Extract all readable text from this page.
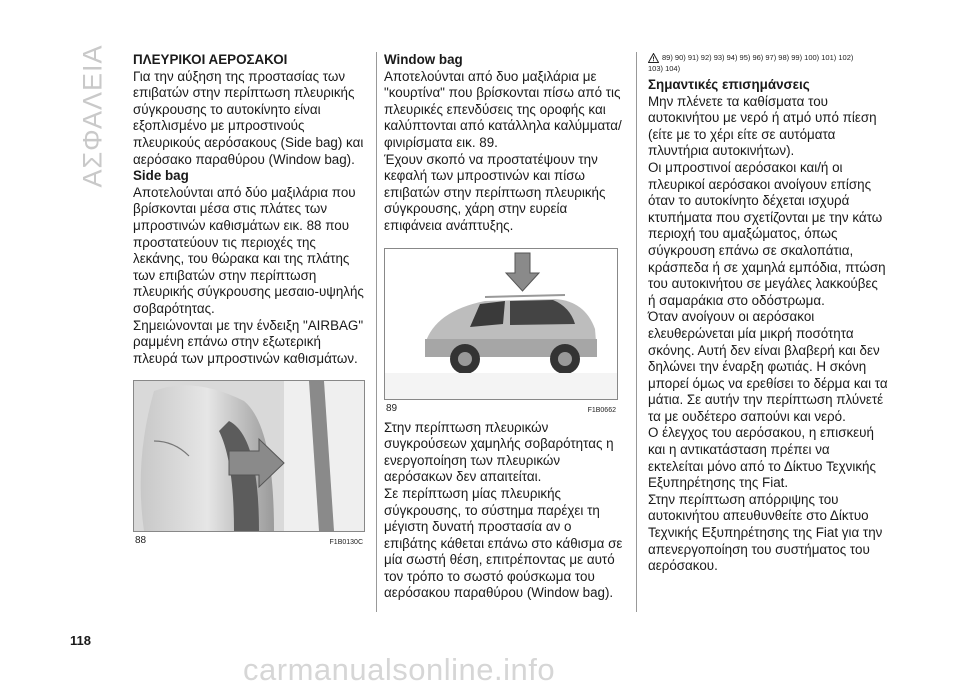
ΑΣΦΑΛΕΙΑ ΠΛΕΥΡΙΚΟΙ ΑΕΡΟΣΑΚΟΙ

Για την αύξηση της προστασίας των επιβατών στην περίπτωση πλευρικής σύγκρουσης το αυτοκίνητο είναι εξοπλισμένο με μπροστινούς πλευρικούς αερόσακους (Side bag) και αερόσακο παραθύρου (Window bag).

Side bag

Αποτελούνται από δύο μαξιλάρια που βρίσκονται μέσα στις πλάτες των μπροστινών καθισμάτων εικ. 88 που προστατεύουν τις περιοχές της λεκάνης, του θώρακα και της πλάτης των επιβατών στην περίπτωση πλευρικής σύγκρουσης μεσαιο-υψηλής σοβαρότητας.

Σημειώνονται με την ένδειξη "AIRBAG" ραμμένη επάνω στην εξωτερική πλευρά των μπροστινών καθισμάτων.

88	F1B0130C
Window bag

Αποτελούνται από δυο μαξιλάρια με "κουρτίνα" που βρίσκονται πίσω από τις πλευρικές επενδύσεις της οροφής και καλύπτονται από κατάλληλα καλύμματα/φινιρίσματα εικ. 89.

Έχουν σκοπό να προστατέψουν την κεφαλή των μπροστινών και πίσω επιβατών στην περίπτωση πλευρικής σύγκρουσης, χάρη στην ευρεία επιφάνεια ανάπτυξης.

89	F1B0662

Στην περίπτωση πλευρικών συγκρούσεων χαμηλής σοβαρότητας η ενεργοποίηση των πλευρικών αερόσακων δεν απαιτείται.

Σε περίπτωση μίας πλευρικής σύγκρουσης, το σύστημα παρέχει τη μέγιστη δυνατή προστασία αν ο επιβάτης κάθεται επάνω στο κάθισμα σε μία σωστή θέση, επιτρέποντας με αυτό τον τρόπο το σωστό φούσκωμα του αερόσακου παραθύρου (Window bag).

89) 90) 91) 92) 93) 94) 95) 96) 97) 98) 99) 100) 101) 102)
103) 104)
Σημαντικές επισημάνσεις

Μην πλένετε τα καθίσματα του αυτοκινήτου με νερό ή ατμό υπό πίεση (είτε με το χέρι είτε σε αυτόματα πλυντήρια αυτοκινήτων).

Οι μπροστινοί αερόσακοι και/ή οι πλευρικοί αερόσακοι ανοίγουν επίσης όταν το αυτοκίνητο δέχεται ισχυρά κτυπήματα που σχετίζονται με την κάτω περιοχή του αμαξώματος, όπως σύγκρουση επάνω σε σκαλοπάτια, κράσπεδα ή σε χαμηλά εμπόδια, πτώση του αυτοκινήτου σε μεγάλες λακκούβες ή σαμαράκια στο οδόστρωμα.

Όταν ανοίγουν οι αερόσακοι ελευθερώνεται μία μικρή ποσότητα σκόνης. Αυτή δεν είναι βλαβερή και δεν δηλώνει την έναρξη φωτιάς. Η σκόνη μπορεί όμως να ερεθίσει το δέρμα και τα μάτια. Σε αυτήν την περίπτωση πλύνετέ τα με ουδέτερο σαπούνι και νερό.

Ο έλεγχος του αερόσακου, η επισκευή και η αντικατάσταση πρέπει να εκτελείται μόνο από το Δίκτυο Τεχνικής Εξυπηρέτησης της Fiat.

Στην περίπτωση απόρριψης του αυτοκινήτου απευθυνθείτε στο Δίκτυο Τεχνικής Εξυπηρέτησης της Fiat για την απενεργοποίηση του συστήματος του αερόσακου.

118
carmanualsonline.info
